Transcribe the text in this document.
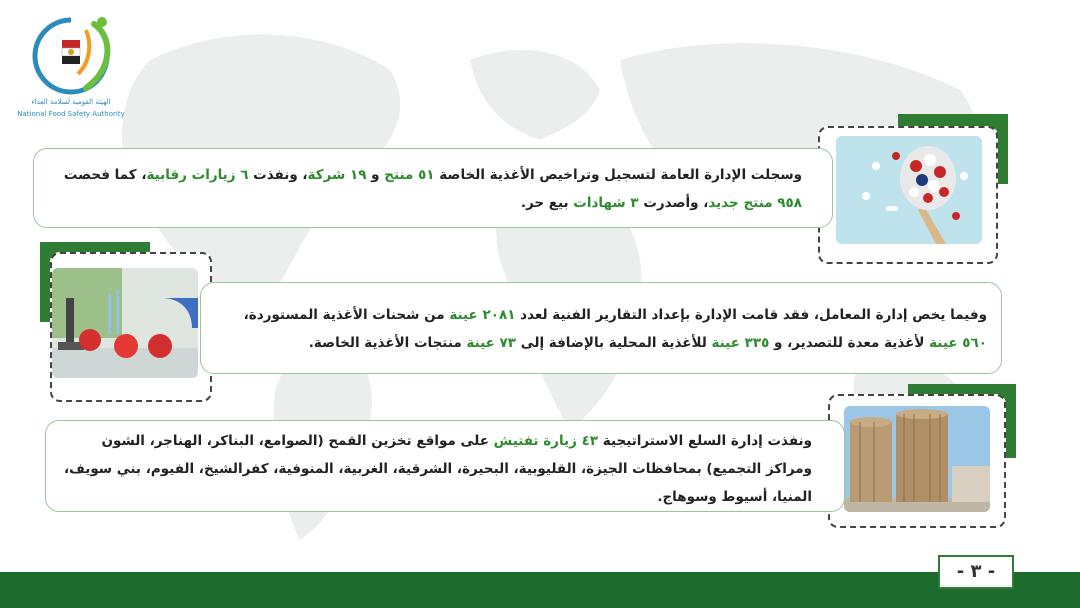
NFSA
الهيئة القومية لسلامة الغذاء
National Food Safety Authority

وسجلت الإدارة العامة لتسجيل وتراخيص الأغذية الخاصة ٥١ منتج و ١٩ شركة، ونفذت ٦ زيارات رقابية، كما فحصت ٩٥٨ منتج جديد، وأصدرت ٣ شهادات بيع حر.

وفيما يخص إدارة المعامل، فقد قامت الإدارة بإعداد التقارير الفنية لعدد ٢٠٨١ عينة من شحنات الأغذية المستوردة، ٥٦٠ عينة لأغذية معدة للتصدير، و ٣٣٥ عينة للأغذية المحلية بالإضافة إلى ٧٣ عينة منتجات الأغذية الخاصة.

ونفذت إدارة السلع الاستراتيجية ٤٣ زيارة تفتيش على مواقع تخزين القمح (الصوامع، البناكر، الهناجر، الشون ومراكز التجميع) بمحافظات الجيزة، القليوبية، البحيرة، الشرقية، الغربية، المنوفية، كفرالشيخ، الفيوم، بني سويف، المنيا، أسيوط وسوهاج.

- ٣ -
